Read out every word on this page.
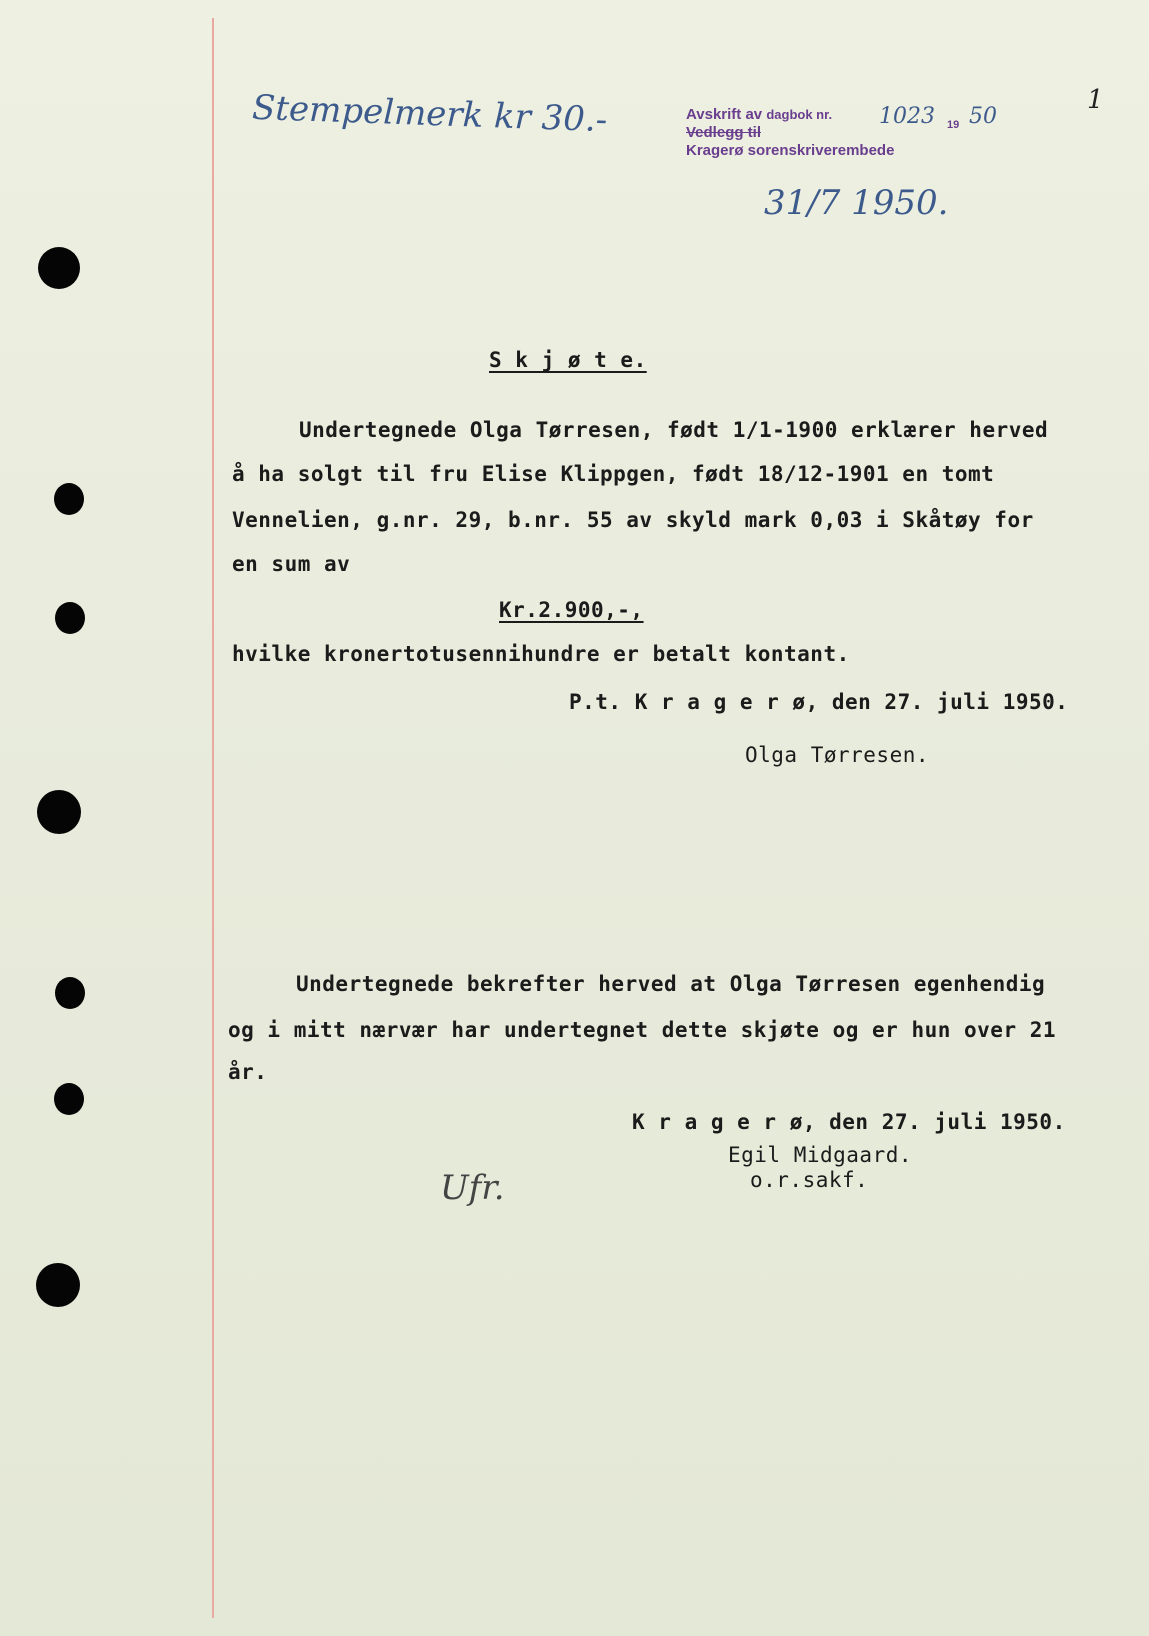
Stempelmerk kr 30.-	Avskrift av dagbok nr.
Vedlegg til
Kragerø sorenskriverembede
19
1023 50
31/7 1950.
1
S k j ø t e.
Undertegnede Olga Tørresen, født 1/1-1900 erklærer herved
å ha solgt til fru Elise Klippgen, født 18/12-1901 en tomt
Vennelien, g.nr. 29, b.nr. 55 av skyld mark 0,03 i Skåtøy for
en sum av
Kr.2.900,-,
hvilke kronertotusennihundre er betalt kontant.
P.t. K r a g e r ø, den 27. juli 1950.
Olga Tørresen.
Undertegnede bekrefter herved at Olga Tørresen egenhendig
og i mitt nærvær har undertegnet dette skjøte og er hun over 21
år.
K r a g e r ø, den 27. juli 1950.
Egil Midgaard.
o.r.sakf.
Ufr.
